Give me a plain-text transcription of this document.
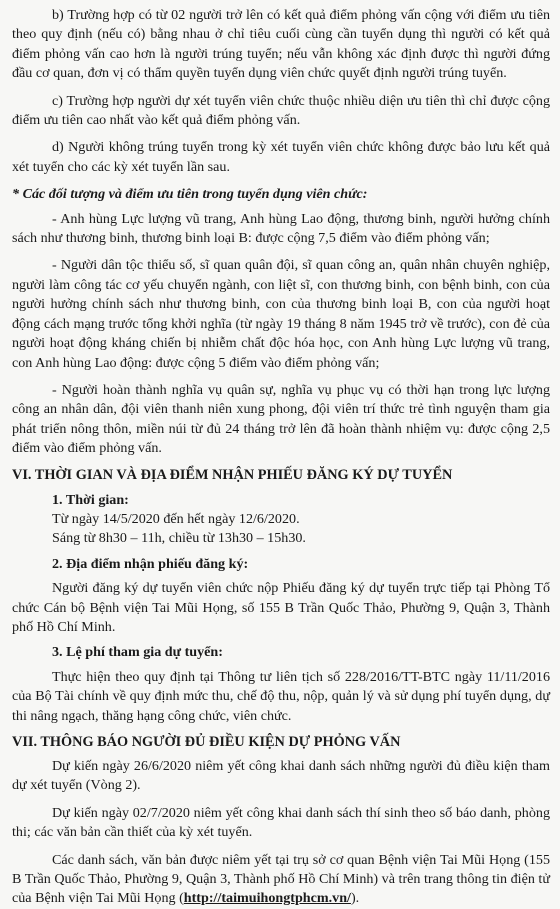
b) Trường hợp có từ 02 người trở lên có kết quả điểm phỏng vấn cộng với điểm ưu tiên theo quy định (nếu có) bằng nhau ở chỉ tiêu cuối cùng cần tuyển dụng thì người có kết quả điểm phỏng vấn cao hơn là người trúng tuyển; nếu vẫn không xác định được thì người đứng đầu cơ quan, đơn vị có thẩm quyền tuyển dụng viên chức quyết định người trúng tuyển.

c) Trường hợp người dự xét tuyển viên chức thuộc nhiều diện ưu tiên thì chỉ được cộng điểm ưu tiên cao nhất vào kết quả điểm phỏng vấn.

d) Người không trúng tuyển trong kỳ xét tuyển viên chức không được bảo lưu kết quả xét tuyển cho các kỳ xét tuyển lần sau.

* Các đối tượng và điểm ưu tiên trong tuyển dụng viên chức:

- Anh hùng Lực lượng vũ trang, Anh hùng Lao động, thương binh, người hưởng chính sách như thương binh, thương binh loại B: được cộng 7,5 điểm vào điểm phỏng vấn;

- Người dân tộc thiểu số, sĩ quan quân đội, sĩ quan công an, quân nhân chuyên nghiệp, người làm công tác cơ yếu chuyển ngành, con liệt sĩ, con thương binh, con bệnh binh, con của người hưởng chính sách như thương binh, con của thương binh loại B, con của người hoạt động cách mạng trước tổng khởi nghĩa (từ ngày 19 tháng 8 năm 1945 trở về trước), con đẻ của người hoạt động kháng chiến bị nhiễm chất độc hóa học, con Anh hùng Lực lượng vũ trang, con Anh hùng Lao động: được cộng 5 điểm vào điểm phỏng vấn;

- Người hoàn thành nghĩa vụ quân sự, nghĩa vụ phục vụ có thời hạn trong lực lượng công an nhân dân, đội viên thanh niên xung phong, đội viên trí thức trẻ tình nguyện tham gia phát triển nông thôn, miền núi từ đủ 24 tháng trở lên đã hoàn thành nhiệm vụ: được cộng 2,5 điểm vào điểm phỏng vấn.

VI. THỜI GIAN VÀ ĐỊA ĐIỂM NHẬN PHIẾU ĐĂNG KÝ DỰ TUYỂN

1. Thời gian:

Từ ngày 14/5/2020 đến hết ngày 12/6/2020.

Sáng từ 8h30 – 11h, chiều từ 13h30 – 15h30.

2. Địa điểm nhận phiếu đăng ký:

Người đăng ký dự tuyển viên chức nộp Phiếu đăng ký dự tuyển trực tiếp tại Phòng Tổ chức Cán bộ Bệnh viện Tai Mũi Họng, số 155 B Trần Quốc Thảo, Phường 9, Quận 3, Thành phố Hồ Chí Minh.

3. Lệ phí tham gia dự tuyển:

Thực hiện theo quy định tại Thông tư liên tịch số 228/2016/TT-BTC ngày 11/11/2016 của Bộ Tài chính về quy định mức thu, chế độ thu, nộp, quản lý và sử dụng phí tuyển dụng, dự thi nâng ngạch, thăng hạng công chức, viên chức.

VII. THÔNG BÁO NGƯỜI ĐỦ ĐIỀU KIỆN DỰ PHỎNG VẤN

Dự kiến ngày 26/6/2020 niêm yết công khai danh sách những người đủ điều kiện tham dự xét tuyển (Vòng 2).

Dự kiến ngày 02/7/2020 niêm yết công khai danh sách thí sinh theo số báo danh, phòng thi; các văn bản cần thiết của kỳ xét tuyển.

Các danh sách, văn bản được niêm yết tại trụ sở cơ quan Bệnh viện Tai Mũi Họng (155 B Trần Quốc Thảo, Phường 9, Quận 3, Thành phố Hồ Chí Minh) và trên trang thông tin điện tử của Bệnh viện Tai Mũi Họng (http://taimuihongtphcm.vn/).
